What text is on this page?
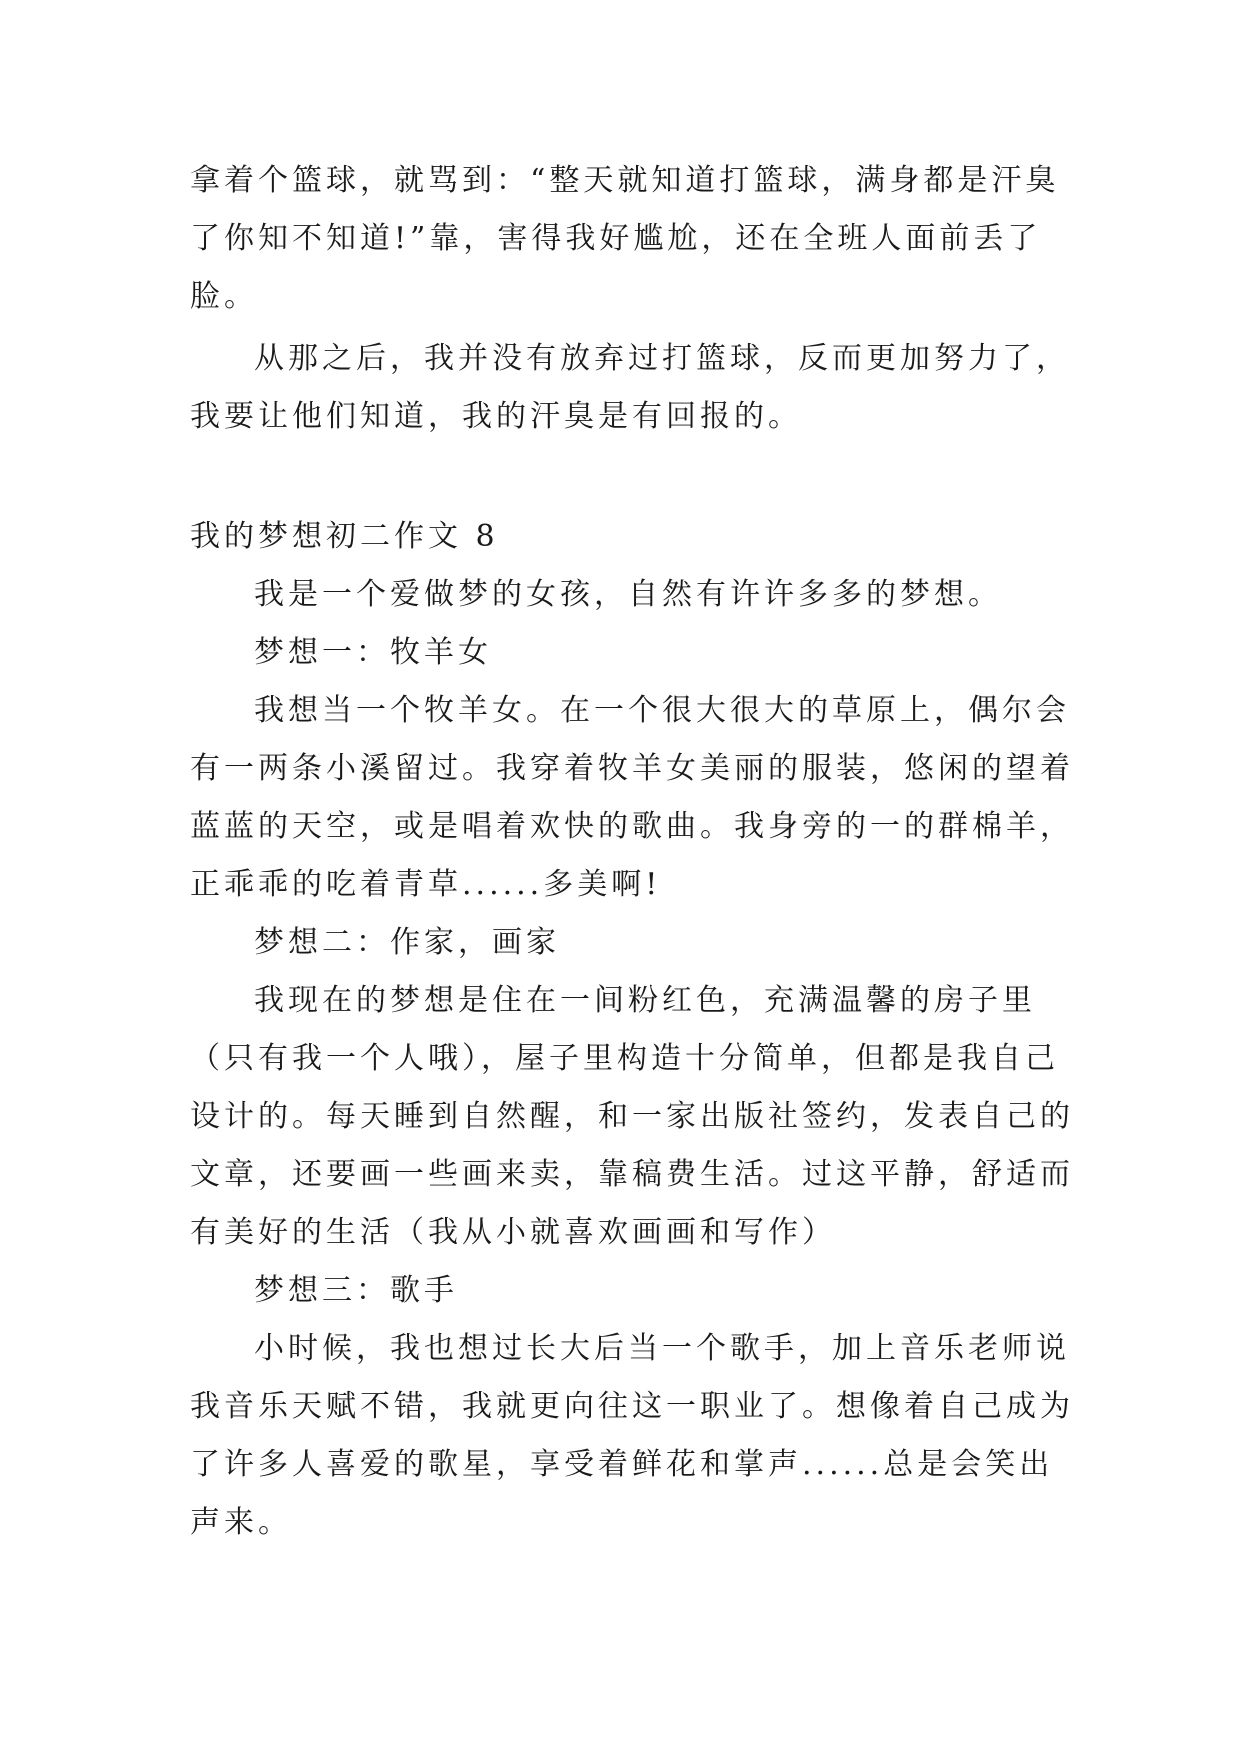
拿着个篮球，就骂到：“整天就知道打篮球，满身都是汗臭
了你知不知道!”靠，害得我好尴尬，还在全班人面前丢了
脸。
从那之后，我并没有放弃过打篮球，反而更加努力了，
我要让他们知道，我的汗臭是有回报的。
我的梦想初二作文 8
我是一个爱做梦的女孩，自然有许许多多的梦想。
梦想一：牧羊女
我想当一个牧羊女。在一个很大很大的草原上，偶尔会
有一两条小溪留过。我穿着牧羊女美丽的服装，悠闲的望着
蓝蓝的天空，或是唱着欢快的歌曲。我身旁的一的群棉羊，
正乖乖的吃着青草......多美啊!
梦想二：作家，画家
我现在的梦想是住在一间粉红色，充满温馨的房子里
（只有我一个人哦），屋子里构造十分简单，但都是我自己
设计的。每天睡到自然醒，和一家出版社签约，发表自己的
文章，还要画一些画来卖，靠稿费生活。过这平静，舒适而
有美好的生活（我从小就喜欢画画和写作）
梦想三：歌手
小时候，我也想过长大后当一个歌手，加上音乐老师说
我音乐天赋不错，我就更向往这一职业了。想像着自己成为
了许多人喜爱的歌星，享受着鲜花和掌声......总是会笑出
声来。
